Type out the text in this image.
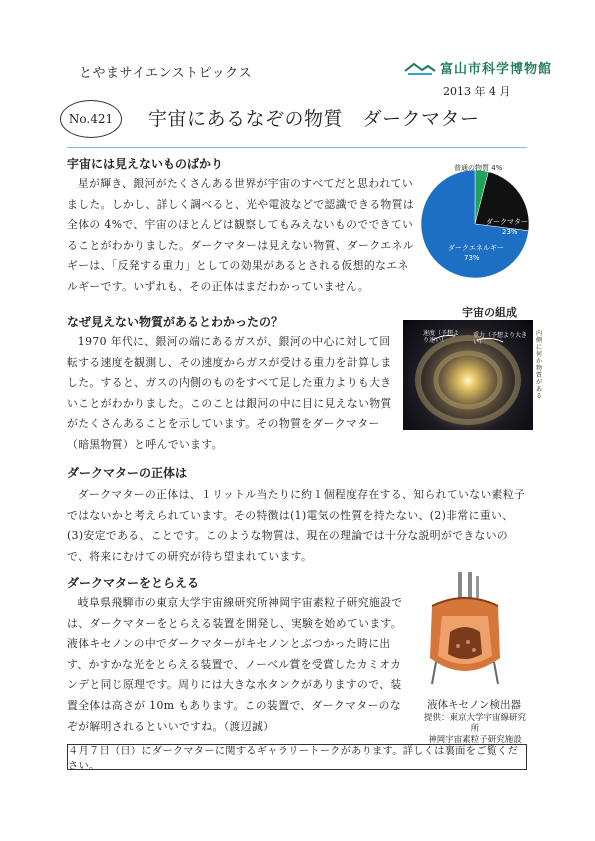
とやまサイエンストピックス	富山市科学博物館
2013 年 4 月
No.421	宇宙にあるなぞの物質　ダークマター
宇宙には見えないものばかり

星が輝き、銀河がたくさんある世界が宇宙のすべてだと思われていました。しかし、詳しく調べると、光や電波などで認識できる物質は全体の 4%で、宇宙のほとんどは観察してもみえないものでできていることがわかりました。ダークマターは見えない物質、ダークエネルギーは、「反発する重力」としての効果があるとされる仮想的なエネルギーです。いずれも、その正体はまだわかっていません。

普通の物質 4%
ダークマター
23%
ダークエネルギー
73%
なぜ見えない物質があるとわかったの？

1970 年代に、銀河の端にあるガスが、銀河の中心に対して回転する速度を観測し、その速度からガスが受ける重力を計算しました。すると、ガスの内側のものをすべて足した重力よりも大きいことがわかりました。このことは銀河の中に目に見えない物質がたくさんあることを示しています。その物質をダークマター（暗黒物質）と呼んでいます。

宇宙の組成
速度（予想より速い）
重力（予想より大きい）
内側に何か物質がある
ダークマターの正体は

ダークマターの正体は、１リットル当たりに約１個程度存在する、知られていない素粒子ではないかと考えられています。その特徴は(1)電気の性質を持たない、(2)非常に重い、(3)安定である、ことです。このような物質は、現在の理論では十分な説明ができないので、将来にむけての研究が待ち望まれています。

ダークマターをとらえる

岐阜県飛騨市の東京大学宇宙線研究所神岡宇宙素粒子研究施設では、ダークマターをとらえる装置を開発し、実験を始めています。液体キセノンの中でダークマターがキセノンとぶつかった時に出す、かすかな光をとらえる装置で、ノーベル賞を受賞したカミオカンデと同じ原理です。周りには大きな水タンクがありますので、装置全体は高さが 10m もあります。この装置で、ダークマターのなぞが解明されるといいですね。（渡辺誠）

液体キセノン検出器
提供：東京大学宇宙線研究所
神岡宇宙素粒子研究施設
４月７日（日）にダークマターに関するギャラリートークがあります。詳しくは裏面をご覧ください。
